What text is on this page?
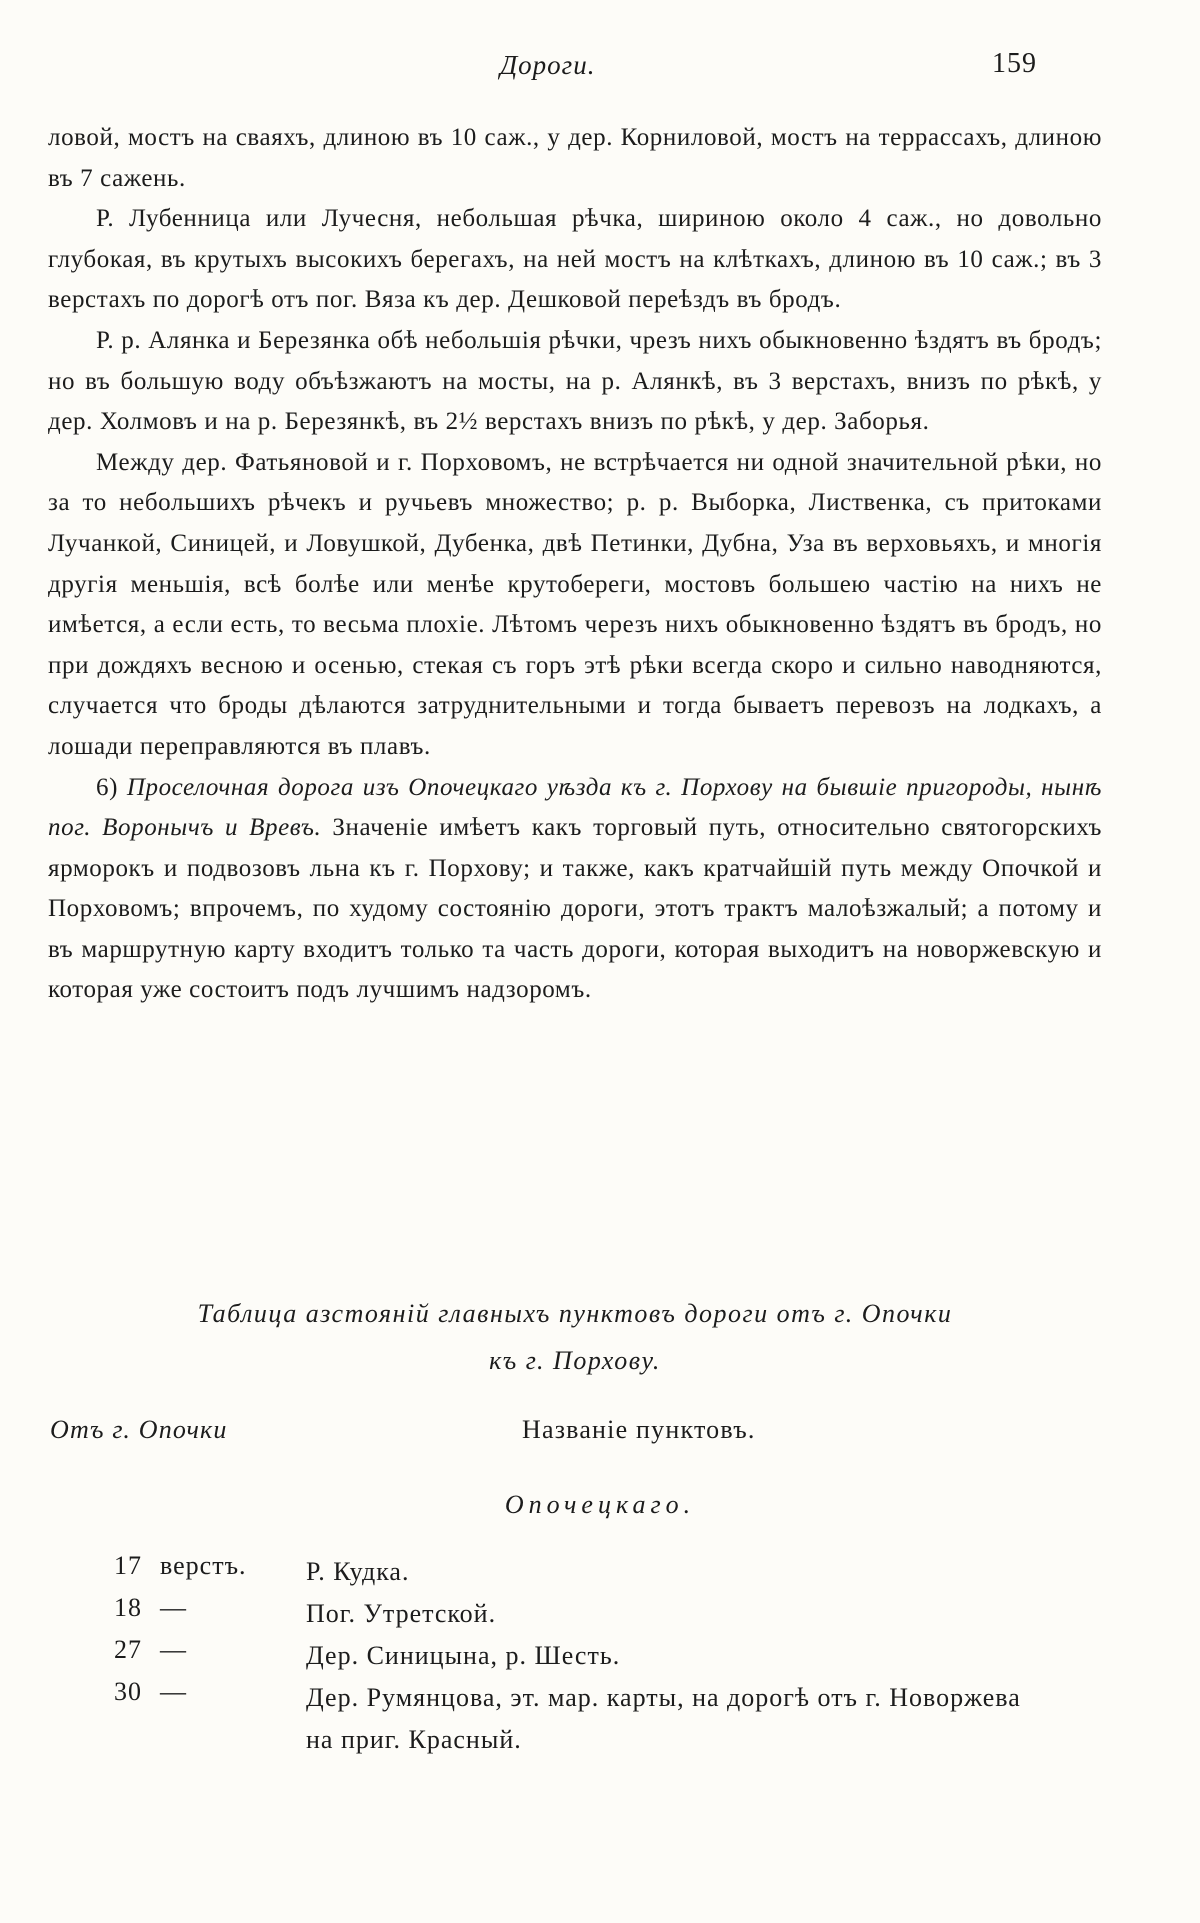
Дороги.	159

ловой, мостъ на сваяхъ, длиною въ 10 саж., у дер. Корниловой, мостъ на террассахъ, длиною въ 7 сажень.

Р. Лубенница или Лучесня, небольшая рѣчка, шириною около 4 саж., но довольно глубокая, въ крутыхъ высокихъ берегахъ, на ней мостъ на клѣткахъ, длиною въ 10 саж.; въ 3 верстахъ по дорогѣ отъ пог. Вяза къ дер. Дешковой переѣздъ въ бродъ.

Р. р. Алянка и Березянка обѣ небольшія рѣчки, чрезъ нихъ обыкновенно ѣздятъ въ бродъ; но въ большую воду объѣзжаютъ на мосты, на р. Алянкѣ, въ 3 верстахъ, внизъ по рѣкѣ, у дер. Холмовъ и на р. Березянкѣ, въ 2½ верстахъ внизъ по рѣкѣ, у дер. Заборья.

Между дер. Фатьяновой и г. Порховомъ, не встрѣчается ни одной значительной рѣки, но за то небольшихъ рѣчекъ и ручьевъ множество; р. р. Выборка, Лиственка, съ притоками Лучанкой, Синицей, и Ловушкой, Дубенка, двѣ Петинки, Дубна, Уза въ верховьяхъ, и многія другія меньшія, всѣ болѣе или менѣе крутобереги, мостовъ большею частію на нихъ не имѣется, а если есть, то весьма плохіе. Лѣтомъ черезъ нихъ обыкновенно ѣздятъ въ бродъ, но при дождяхъ весною и осенью, стекая съ горъ этѣ рѣки всегда скоро и сильно наводняются, случается что броды дѣлаются затруднительными и тогда бываетъ перевозъ на лодкахъ, а лошади переправляются въ плавъ.

6) Проселочная дорога изъ Опочецкаго уѣзда къ г. Порхову на бывшіе пригороды, нынѣ пог. Воронычъ и Вревъ. Значеніе имѣетъ какъ торговый путь, относительно святогорскихъ ярморокъ и подвозовъ льна къ г. Порхову; и также, какъ кратчайшій путь между Опочкой и Порховомъ; впрочемъ, по худому состоянію дороги, этотъ трактъ малоѣзжалый; а потому и въ маршрутную карту входитъ только та часть дороги, которая выходитъ на новоржевскую и которая уже состоитъ подъ лучшимъ надзоромъ.

Таблица азстояній главныхъ пунктовъ дороги отъ г. Опочки
къ г. Порхову.
Отъ г. Опочки	Названіе пунктовъ.
Опочецкаго.
17 верстъ.	Р. Кудка.
18 —	Пог. Утретской.
27 —	Дер. Синицына, р. Шесть.
30 —	Дер. Румянцова, эт. мар. карты, на дорогѣ отъ г. Новоржева на приг. Красный.
